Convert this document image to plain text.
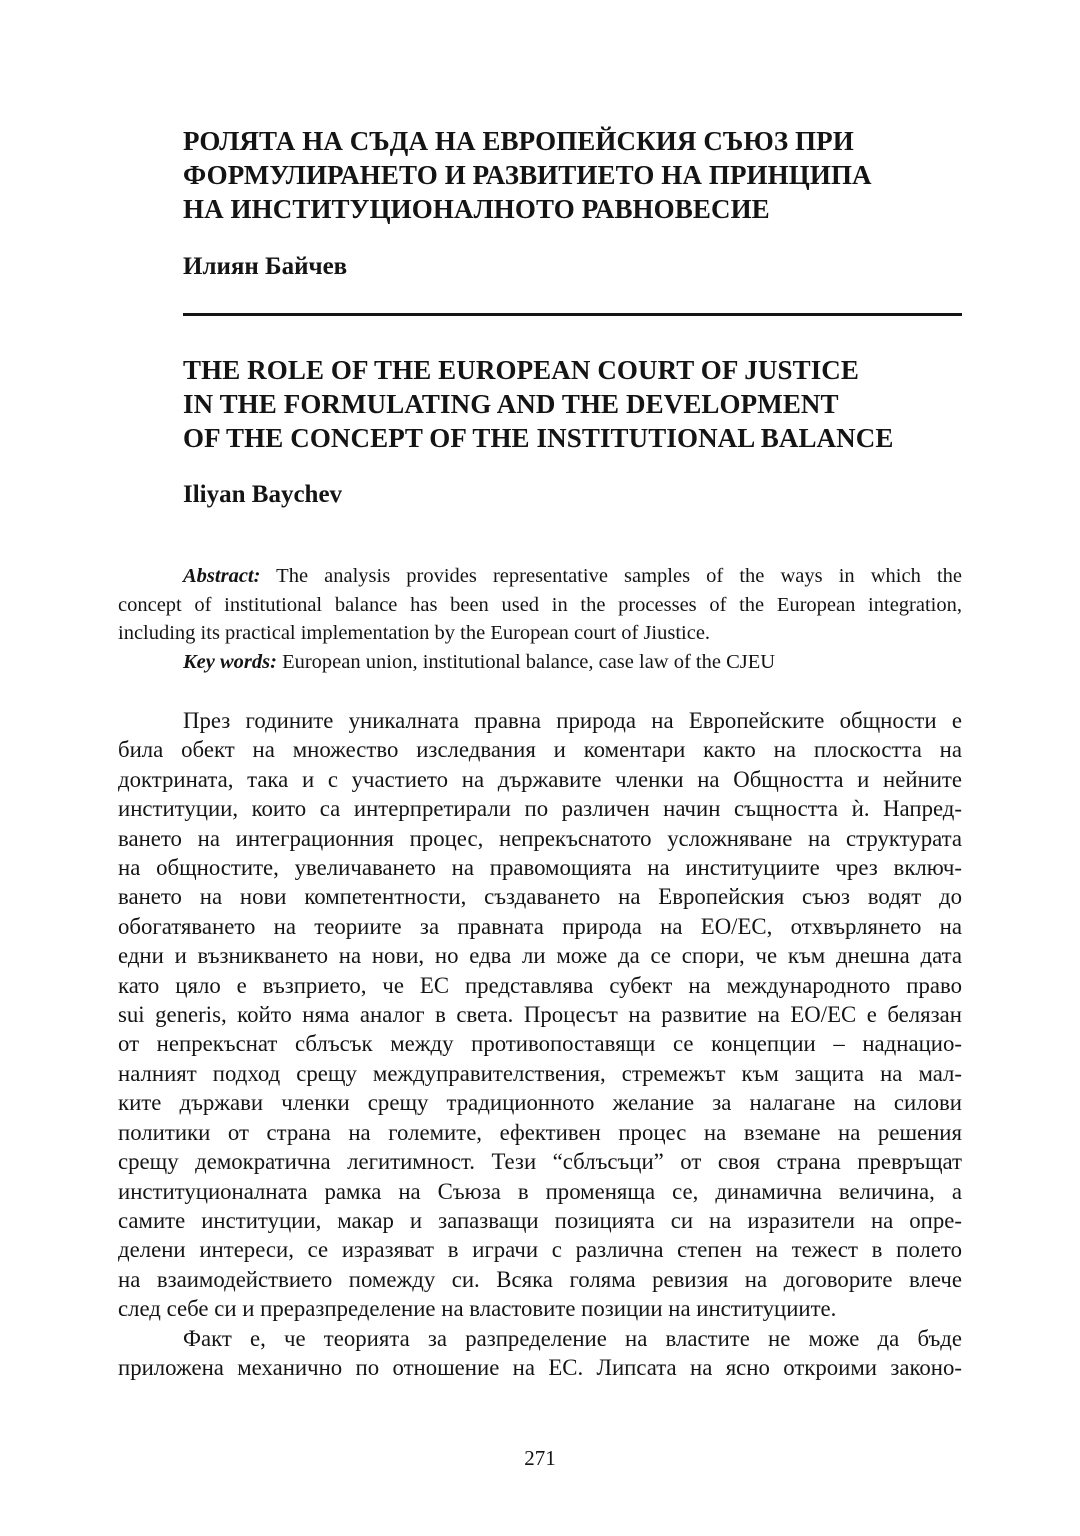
РОЛЯТА НА СЪДА НА ЕВРОПЕЙСКИЯ СЪЮЗ ПРИ
ФОРМУЛИРАНЕТО И РАЗВИТИЕТО НА ПРИНЦИПА
НА ИНСТИТУЦИОНАЛНОТО РАВНОВЕСИЕ
Илиян Байчев
THE ROLE OF THE EUROPEAN COURT OF JUSTICE
IN THE FORMULATING AND THE DEVELOPMENT
OF THE CONCEPT OF THE INSTITUTIONAL BALANCE
Iliyan Baychev
Abstract: The analysis provides representative samples of the ways in which the
concept of institutional balance has been used in the processes of the European integration,
including its practical implementation by the European court of Jiustice.
Key words: European union, institutional balance, case law of the CJEU
През годините уникалната правна природа на Европейските общности е
била обект на множество изследвания и коментари както на плоскостта на
доктрината, така и с участието на държавите членки на Общността и нейните
институции, които са интерпретирали по различен начин същността ѝ. Напред-
ването на интеграционния процес, непрекъснатото усложняване на структурата
на общностите, увеличаването на правомощията на институциите чрез включ-
ването на нови компетентности, създаването на Европейския съюз водят до
обогатяването на теориите за правната природа на ЕО/ЕС, отхвърлянето на
едни и възникването на нови, но едва ли може да се спори, че към днешна дата
като цяло е възприето, че ЕС представлява субект на международното право
sui generis, който няма аналог в света. Процесът на развитие на ЕО/ЕС е белязан
от непрекъснат сблъсък между противопоставящи се концепции – наднацио-
налният подход срещу междуправителствения, стремежът към защита на мал-
ките държави членки срещу традиционното желание за налагане на силови
политики от страна на големите, ефективен процес на вземане на решения
срещу демократична легитимност. Тези “сблъсъци” от своя страна превръщат
институционалната рамка на Съюза в променяща се, динамична величина, а
самите институции, макар и запазващи позицията си на изразители на опре-
делени интереси, се изразяват в играчи с различна степен на тежест в полето
на взаимодействието помежду си. Всяка голяма ревизия на договорите влече
след себе си и преразпределение на властовите позиции на институциите.
Факт е, че теорията за разпределение на властите не може да бъде
приложена механично по отношение на ЕС. Липсата на ясно откроими законо-
271
